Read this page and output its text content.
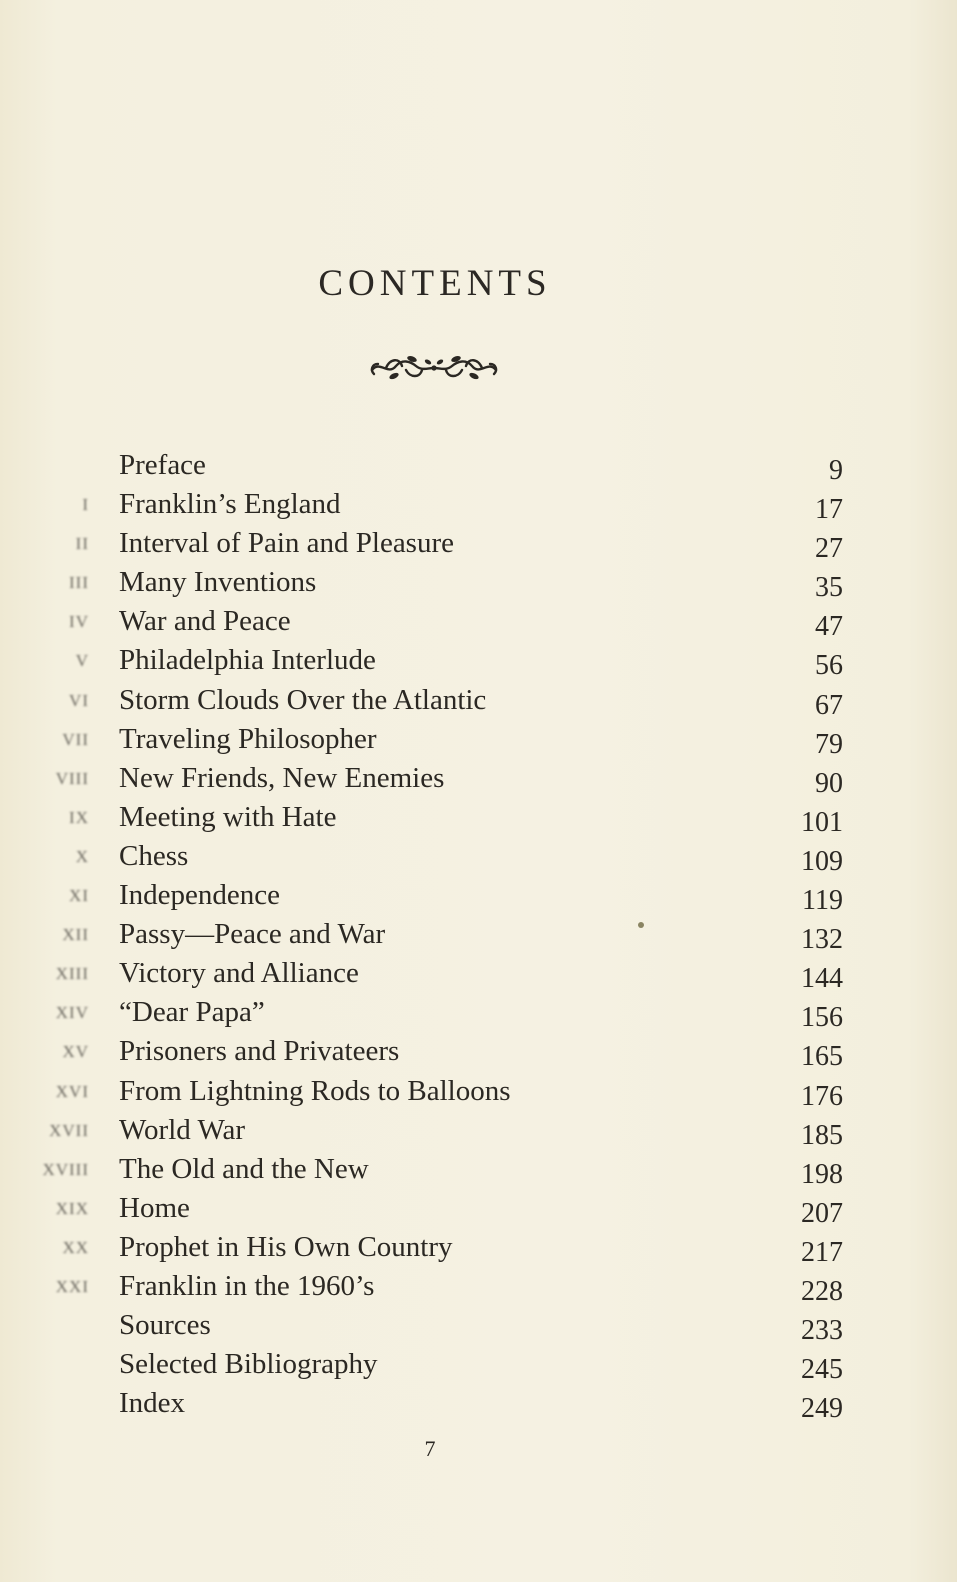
CONTENTS
Preface	9
I Franklin’s England	17
II Interval of Pain and Pleasure	27
III Many Inventions	35
IV War and Peace	47
V Philadelphia Interlude	56
VI Storm Clouds Over the Atlantic	67
VII Traveling Philosopher	79
VIII New Friends, New Enemies	90
IX Meeting with Hate	101
X Chess	109
XI Independence	119
XII Passy—Peace and War	132
XIII Victory and Alliance	144
XIV “Dear Papa”	156
XV Prisoners and Privateers	165
XVI From Lightning Rods to Balloons	176
XVII World War	185
XVIII The Old and the New	198
XIX Home	207
XX Prophet in His Own Country	217
XXI Franklin in the 1960’s	228
Sources	233
Selected Bibliography	245
Index	249
7
